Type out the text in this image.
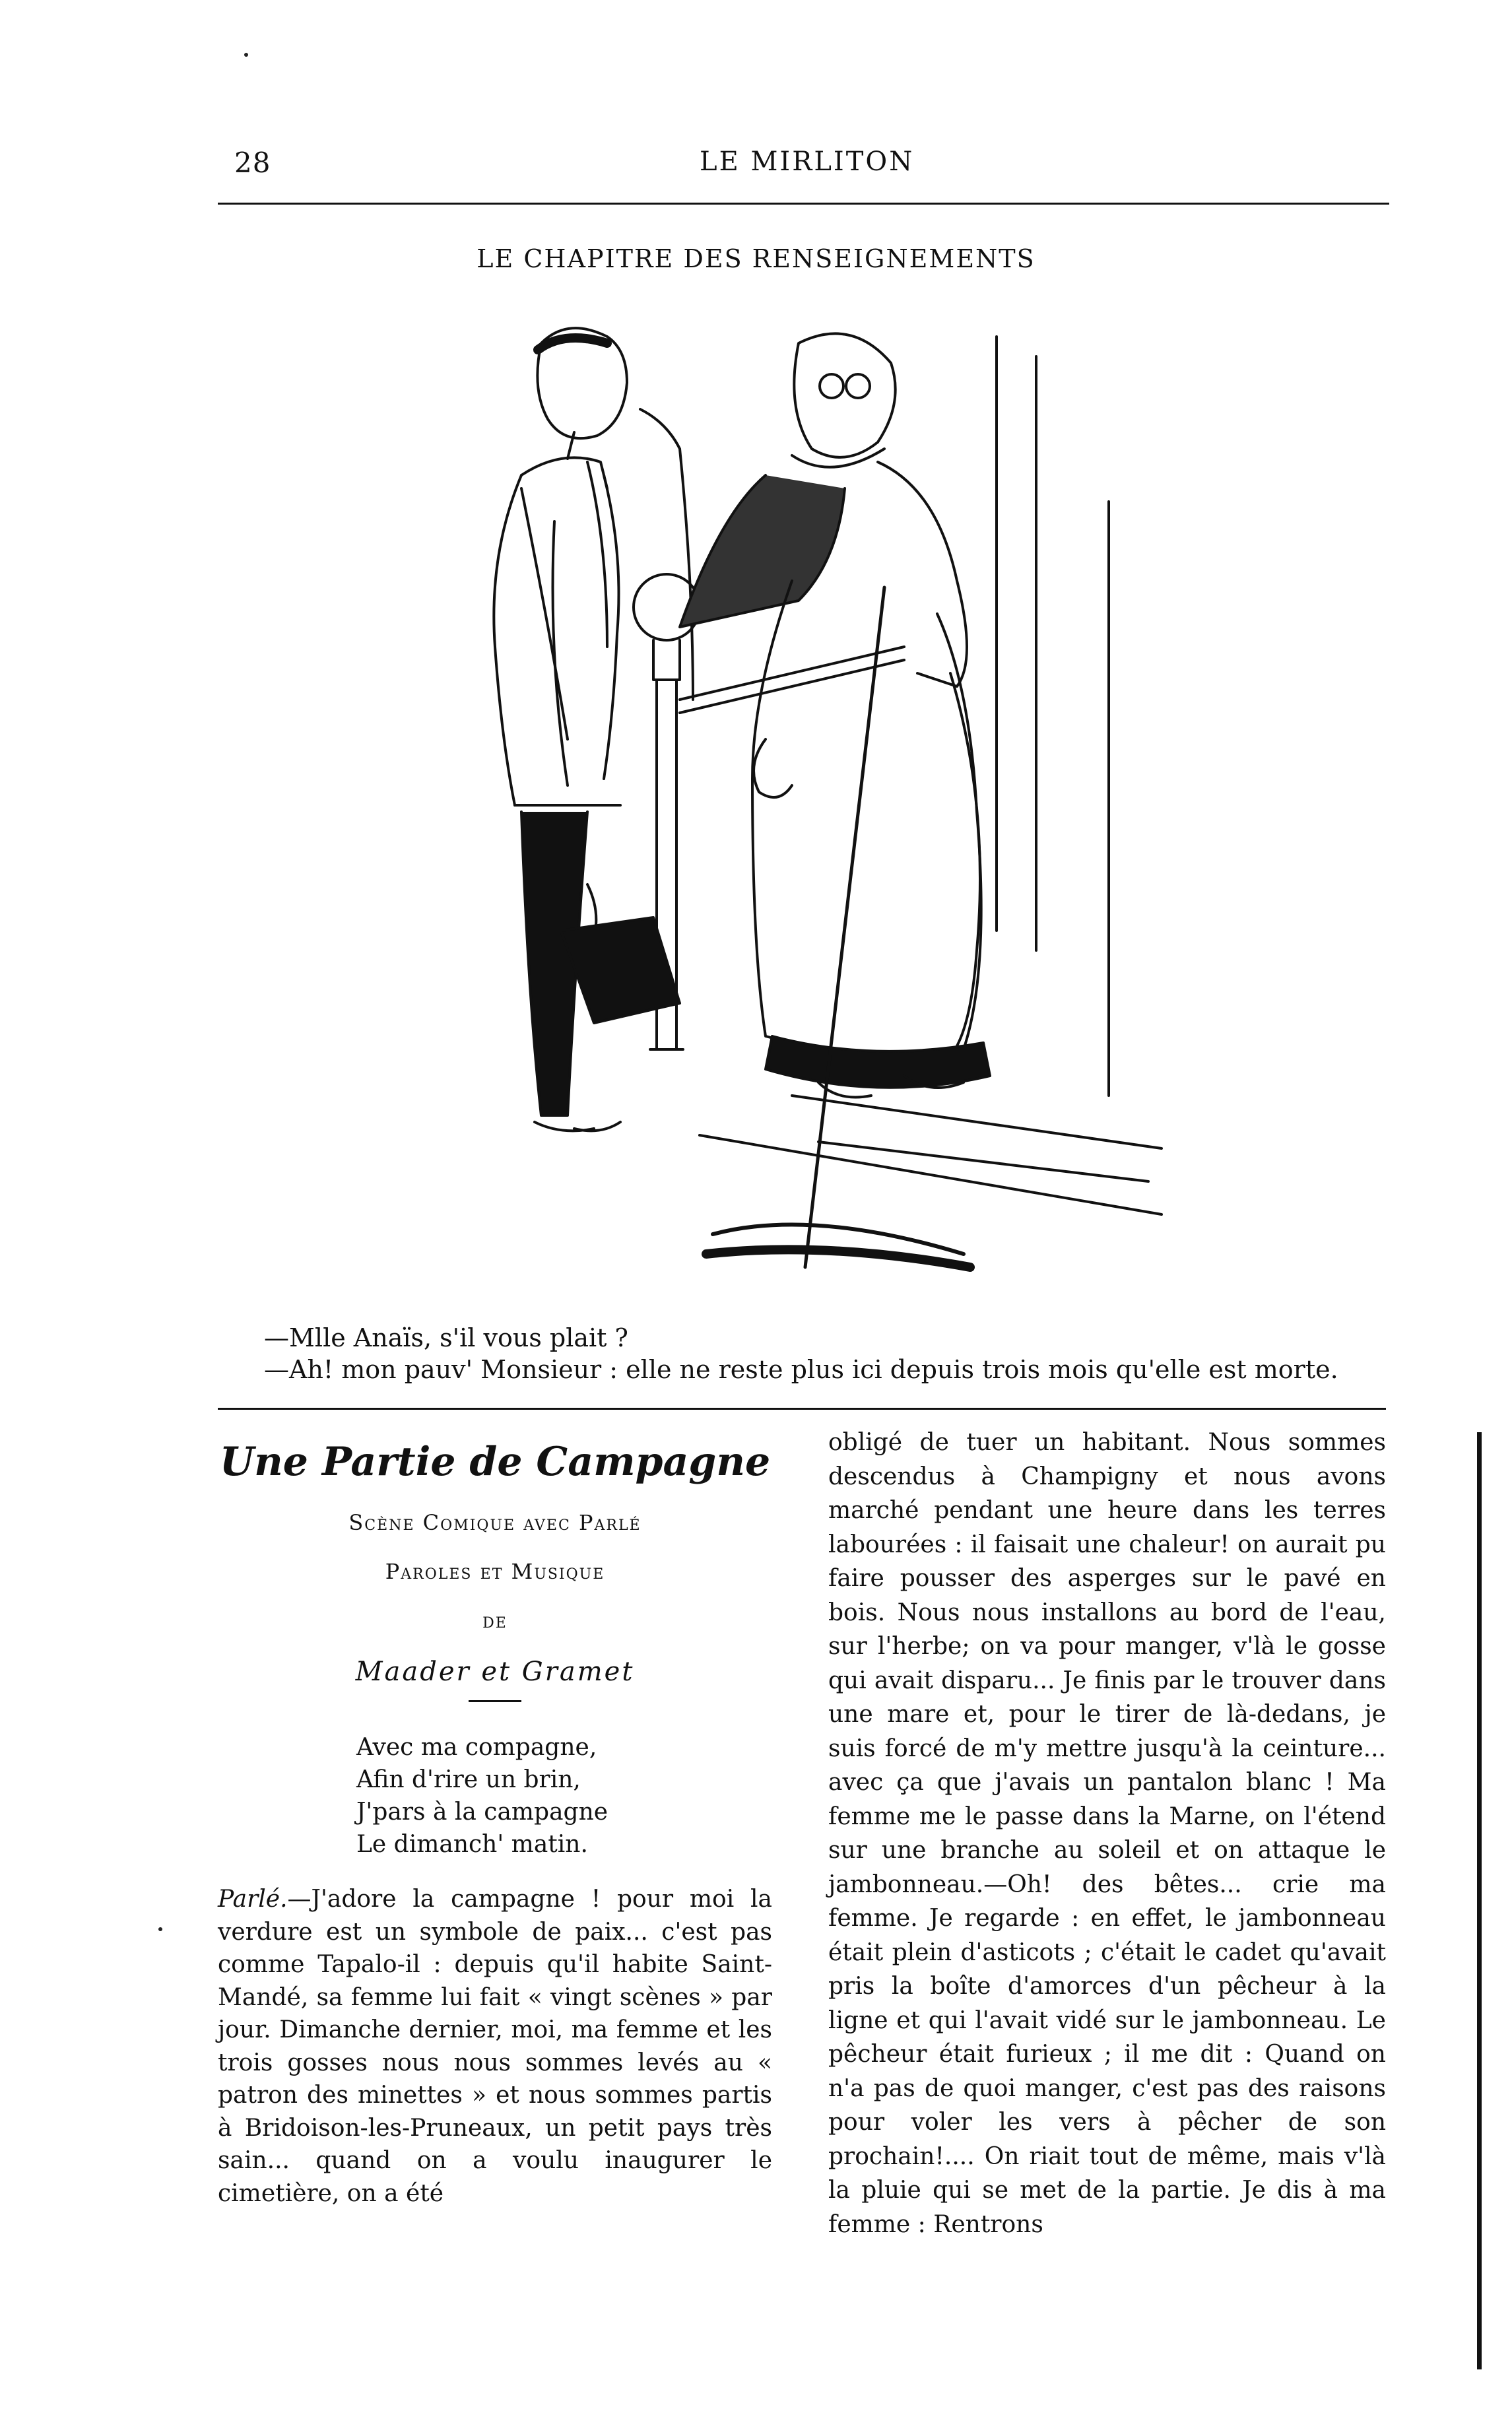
28	LE MIRLITON
LE CHAPITRE DES RENSEIGNEMENTS
—Mlle Anaïs, s'il vous plait ?
—Ah! mon pauv' Monsieur : elle ne reste plus ici depuis trois mois qu'elle est morte.
Une Partie de Campagne
Scène Comique avec Parlé
Paroles et Musique
de
Maader et Gramet
Avec ma compagne,
Afin d'rire un brin,
J'pars à la campagne
Le dimanch' matin.
Parlé.—J'adore la campagne ! pour moi la verdure est un symbole de paix... c'est pas comme Tapalo-il : depuis qu'il habite Saint-Mandé, sa femme lui fait « vingt scènes » par jour. Dimanche dernier, moi, ma femme et les trois gosses nous nous sommes levés au « patron des minettes » et nous sommes partis à Bridoison-les-Pruneaux, un petit pays très sain... quand on a voulu inaugurer le cimetière, on a été
obligé de tuer un habitant. Nous sommes descendus à Champigny et nous avons marché pendant une heure dans les terres labourées : il faisait une chaleur! on aurait pu faire pousser des asperges sur le pavé en bois. Nous nous installons au bord de l'eau, sur l'herbe; on va pour manger, v'là le gosse qui avait disparu... Je finis par le trouver dans une mare et, pour le tirer de là-dedans, je suis forcé de m'y mettre jusqu'à la ceinture... avec ça que j'avais un pantalon blanc ! Ma femme me le passe dans la Marne, on l'étend sur une branche au soleil et on attaque le jambonneau.—Oh! des bêtes... crie ma femme. Je regarde : en effet, le jambonneau était plein d'asticots ; c'était le cadet qu'avait pris la boîte d'amorces d'un pêcheur à la ligne et qui l'avait vidé sur le jambonneau. Le pêcheur était furieux ; il me dit : Quand on n'a pas de quoi manger, c'est pas des raisons pour voler les vers à pêcher de son prochain!.... On riait tout de même, mais v'là la pluie qui se met de la partie. Je dis à ma femme : Rentrons
